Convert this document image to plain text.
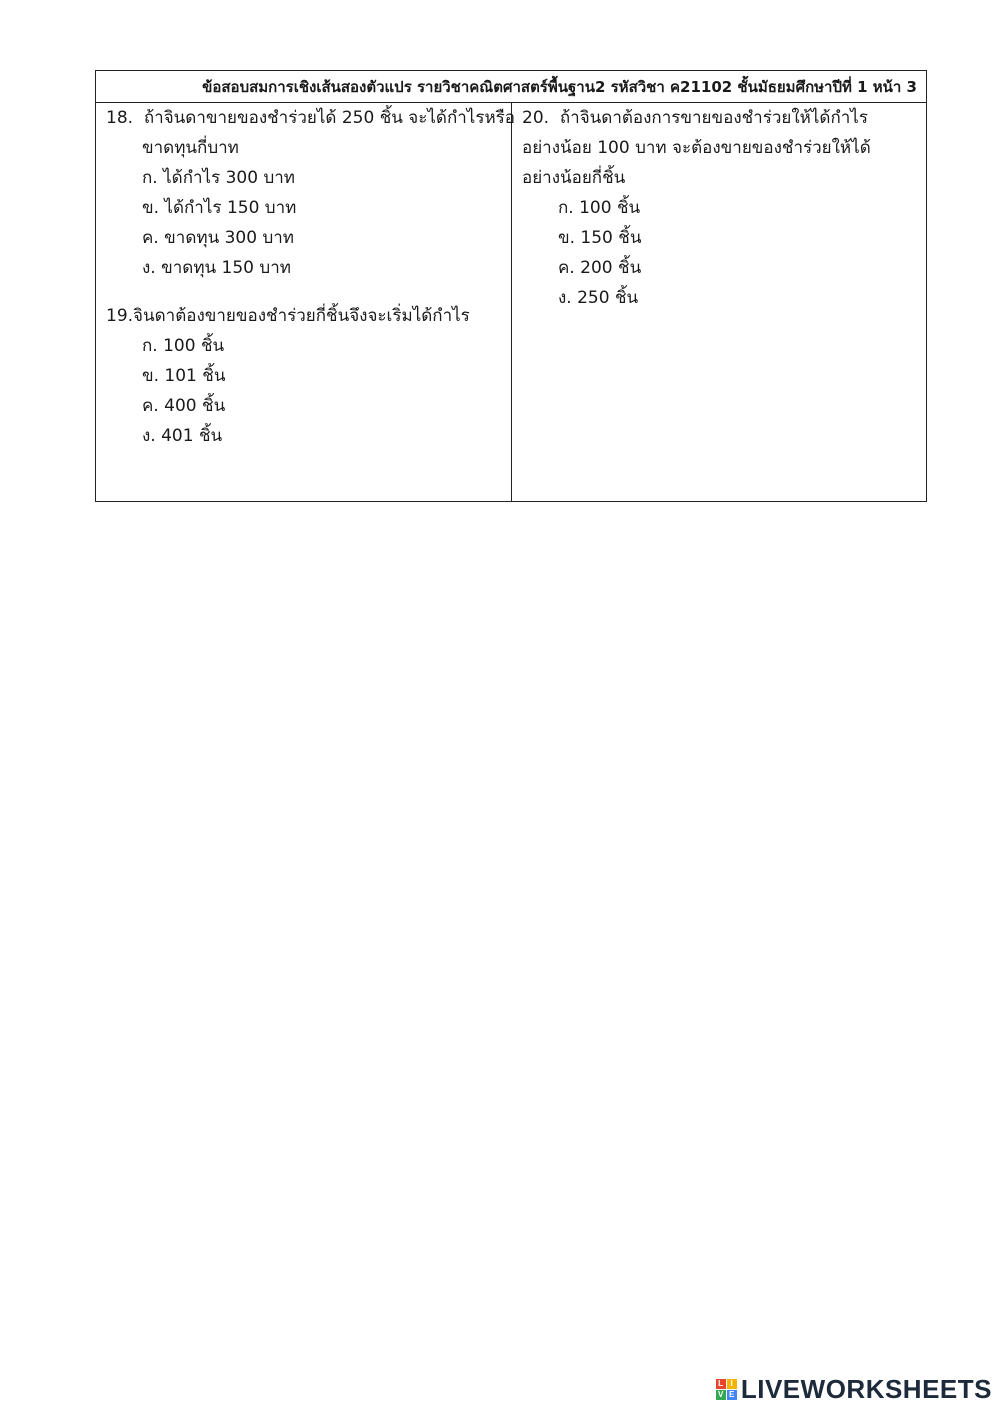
ข้อสอบสมการเชิงเส้นสองตัวแปร รายวิชาคณิตศาสตร์พื้นฐาน2 รหัสวิชา ค21102 ชั้นมัธยมศึกษาปีที่ 1 หน้า 3
18. ถ้าจินดาขายของชำร่วยได้ 250 ชิ้น จะได้กำไรหรือ
ขาดทุนกี่บาท
ก. ได้กำไร 300 บาท
ข. ได้กำไร 150 บาท
ค. ขาดทุน 300 บาท
ง. ขาดทุน 150 บาท
19.จินดาต้องขายของชำร่วยกี่ชิ้นจึงจะเริ่มได้กำไร
ก. 100 ชิ้น
ข. 101 ชิ้น
ค. 400 ชิ้น
ง. 401 ชิ้น
20. ถ้าจินดาต้องการขายของชำร่วยให้ได้กำไร
อย่างน้อย 100 บาท จะต้องขายของชำร่วยให้ได้
อย่างน้อยกี่ชิ้น
ก. 100 ชิ้น
ข. 150 ชิ้น
ค. 200 ชิ้น
ง. 250 ชิ้น
L I
V E LIVEWORKSHEETS
